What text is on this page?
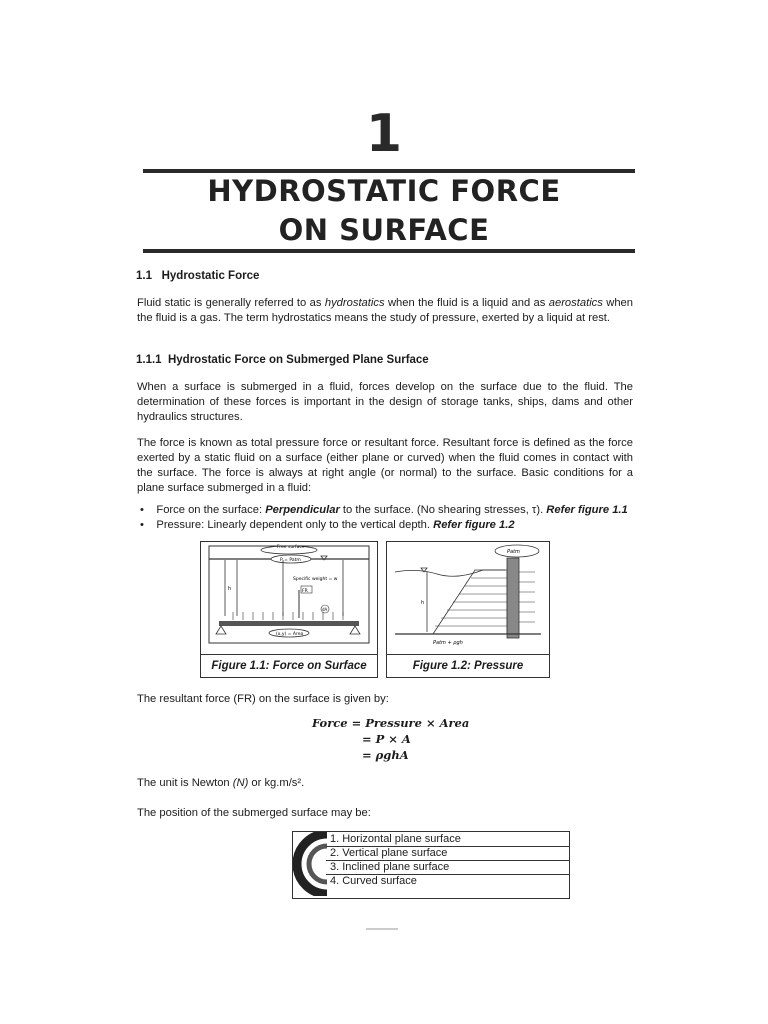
1
HYDROSTATIC FORCE
ON SURFACE
1.1 Hydrostatic Force
Fluid static is generally referred to as hydrostatics when the fluid is a liquid and as aerostatics when the fluid is a gas. The term hydrostatics means the study of pressure, exerted by a liquid at rest.
1.1.1 Hydrostatic Force on Submerged Plane Surface
When a surface is submerged in a fluid, forces develop on the surface due to the fluid. The determination of these forces is important in the design of storage tanks, ships, dams and other hydraulics structures.
The force is known as total pressure force or resultant force. Resultant force is defined as the force exerted by a static fluid on a surface (either plane or curved) when the fluid comes in contact with the surface. The force is always at right angle (or normal) to the surface. Basic conditions for a plane surface submerged in a fluid:
•    Force on the surface: Perpendicular to the surface. (No shearing stresses, τ). Refer figure 1.1
•    Pressure: Linearly dependent only to the vertical depth. Refer figure 1.2
Free surface
P = Patm
h
Specific weight = w
FR
dA
(x,y) = Area
Figure 1.1: Force on Surface
Patm
h
Patm + ρgh
Figure 1.2: Pressure
The resultant force (FR) on the surface is given by:
Force = Pressure × Area
= P × A
= ρghA
The unit is Newton (N) or kg.m/s².
The position of the submerged surface may be:
1. Horizontal plane surface
2. Vertical plane surface
3. Inclined plane surface
4. Curved surface
